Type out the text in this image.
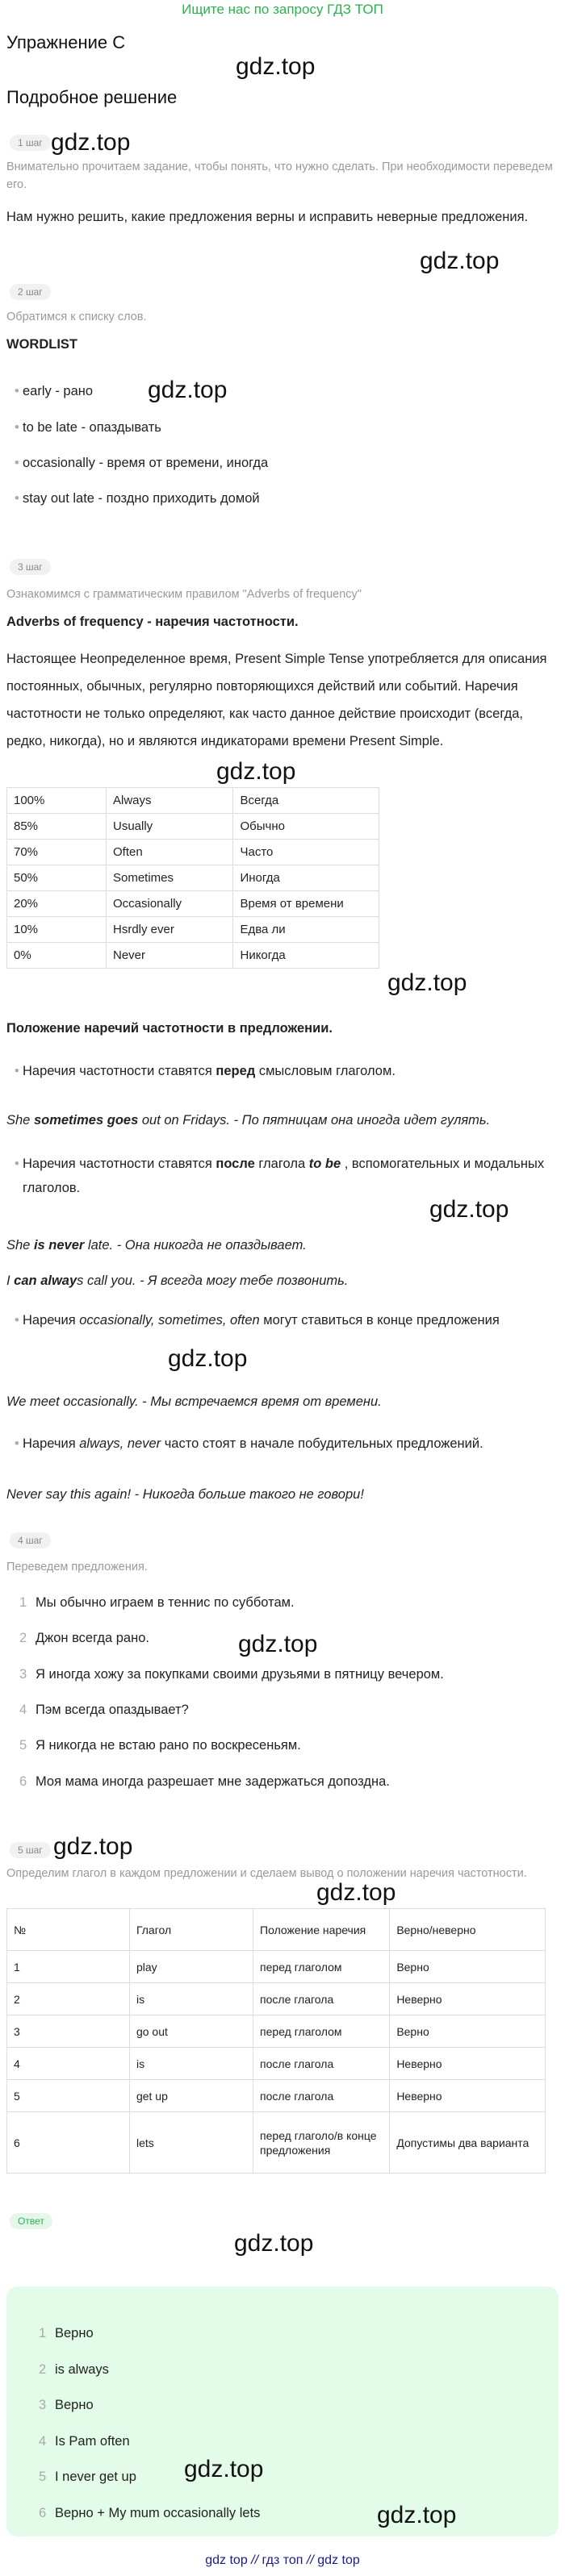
Ищите нас по запросу ГДЗ ТОП
Упражнение C
gdz.top
Подробное решение
gdz.top
1 шаг
Внимательно прочитаем задание, чтобы понять, что нужно сделать. При необходимости переведем его.
Нам нужно решить, какие предложения верны и исправить неверные предложения.
gdz.top
2 шаг
Обратимся к списку слов.
WORDLIST
• early - рано
• to be late - опаздывать
• occasionally - время от времени, иногда
• stay out late - поздно приходить домой
gdz.top
3 шаг
Ознакомимся с грамматическим правилом "Adverbs of frequency"
Adverbs of frequency - наречия частотности.
Настоящее Неопределенное время, Present Simple Tense употребляется для описания постоянных, обычных, регулярно повторяющихся действий или событий. Наречия частотности не только определяют, как часто данное действие происходит (всегда, редко, никогда), но и являются индикаторами времени Present Simple.
gdz.top
100%	Always	Всегда
85%	Usually	Обычно
70%	Often	Часто
50%	Sometimes	Иногда
20%	Occasionally	Время от времени
10%	Hsrdly ever	Едва ли
0%	Never	Никогда
gdz.top
Положение наречий частотности в предложении.
• Наречия частотности ставятся перед смысловым глаголом.
She sometimes goes out on Fridays. - По пятницам она иногда идет гулять.
• Наречия частотности ставятся после глагола to be , вспомогательных и модальных глаголов.
gdz.top
She is never late. - Она никогда не опаздывает.
I can always call you. - Я всегда могу тебе позвонить.
• Наречия occasionally, sometimes, often могут ставиться в конце предложения
gdz.top
We meet occasionally. - Мы встречаемся время от времени.
• Наречия always, never часто стоят в начале побудительных предложений.
Never say this again! - Никогда больше такого не говори!
4 шаг
Переведем предложения.
1 Мы обычно играем в теннис по субботам.
2 Джон всегда рано.	gdz.top
3 Я иногда хожу за покупками своими друзьями в пятницу вечером.
4 Пэм всегда опаздывает?
5 Я никогда не встаю рано по воскресеньям.
6 Моя мама иногда разрешает мне задержаться допоздна.
gdz.top
5 шаг
Определим глагол в каждом предложении и сделаем вывод о положении наречия частотности.
gdz.top
№	Глагол	Положение наречия	Верно/неверно
1	play	перед глаголом	Верно
2	is	после глагола	Неверно
3	go out	перед глаголом	Верно
4	is	после глагола	Неверно
5	get up	после глагола	Неверно
6	lets	перед глаголо/в конце предложения	Допустимы два варианта
Ответ
gdz.top
1 Верно
2 is always
3 Верно
4 Is Pam often
5 I never get up
6 Верно + My mum occasionally lets
gdz.top
gdz.top
gdz top // гдз топ // gdz top
